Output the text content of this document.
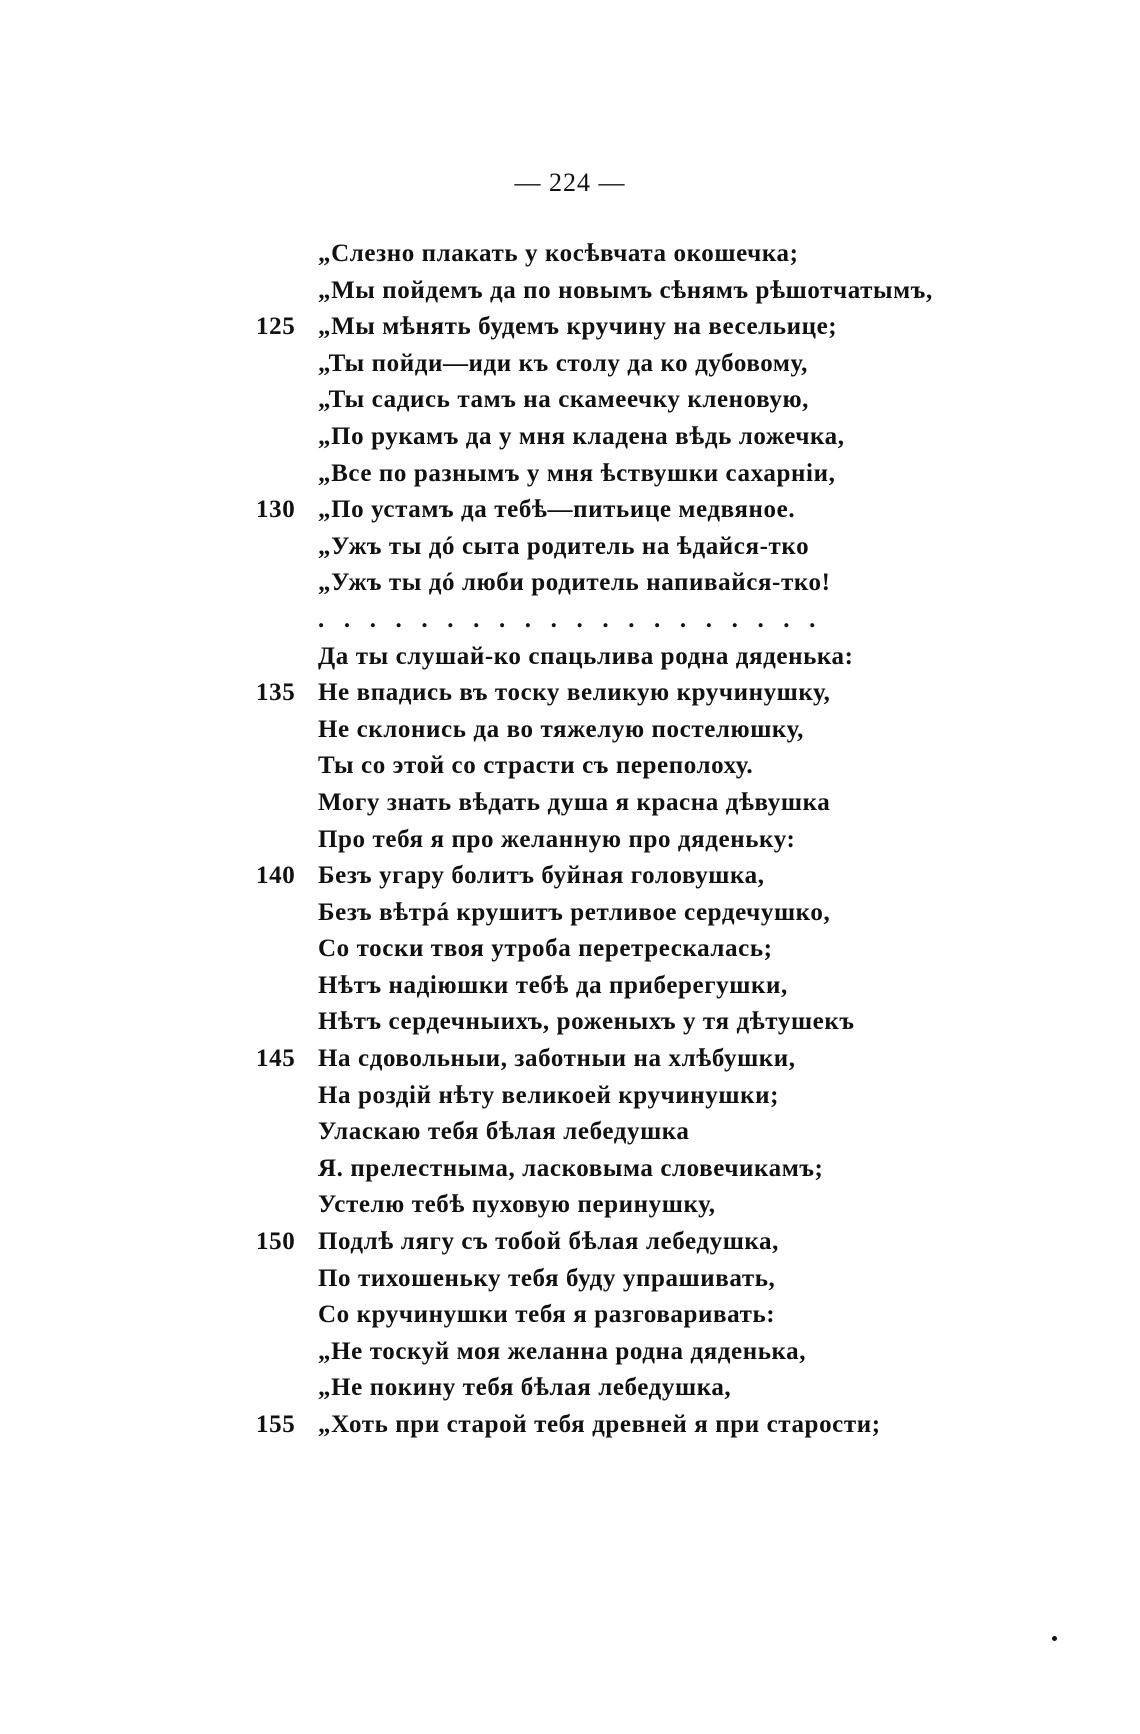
— 224 —
„Слезно плакать у косѣвчата окошечка;
„Мы пойдемъ да по новымъ сѣнямъ рѣшотчатымъ,
125 „Мы мѣнять будемъ кручину на весельице;
„Ты пойди—иди къ столу да ко дубовому,
„Ты садись тамъ на скамеечку кленовую,
„По рукамъ да у мня кладена вѣдь ложечка,
„Все по разнымъ у мня ѣствушки сахарніи,
130 „По устамъ да тебѣ—питьице медвяное.
„Ужъ ты дó сыта родитель на ѣдайся-тко
„Ужъ ты дó люби родитель напивайся-тко!
....................
Да ты слушай-ко спацьлива родна дяденька:
135 Не впадись въ тоску великую кручинушку,
Не склонись да во тяжелую постелюшку,
Ты со этой со страсти съ переполоху.
Могу знать вѣдать душа я красна дѣвушка
Про тебя я про желанную про дяденьку:
140 Безъ угару болитъ буйная головушка,
Безъ вѣтрá крушитъ ретливое сердечушко,
Со тоски твоя утроба перетрескалась;
Нѣтъ надіюшки тебѣ да приберегушки,
Нѣтъ сердечныихъ, роженыхъ у тя дѣтушекъ
145 На сдовольныи, заботныи на хлѣбушки,
На роздій нѣту великоей кручинушки;
Уласкаю тебя бѣлая лебедушка
Я. прелестныма, ласковыма словечикамъ;
Устелю тебѣ пуховую перинушку,
150 Подлѣ лягу съ тобой бѣлая лебедушка,
По тихошеньку тебя буду упрашивать,
Со кручинушки тебя я разговаривать:
„Не тоскуй моя желанна родна дяденька,
„Не покину тебя бѣлая лебедушка,
155 „Хоть при старой тебя древней я при старости;
